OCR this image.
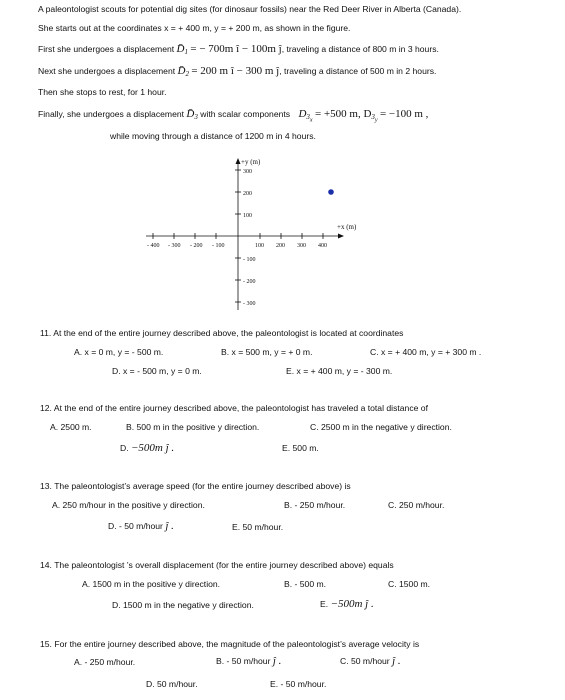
A paleontologist scouts for potential dig sites (for dinosaur fossils) near the Red Deer River in Alberta (Canada).
She starts out at the coordinates x = + 400 m, y = + 200 m, as shown in the figure.
First she undergoes a displacement D̄1 = − 700m î − 100m ĵ, traveling a distance of 800 m in 3 hours.
Next she undergoes a displacement D̄2 = 200 m î − 300 m ĵ, traveling a distance of 500 m in 2 hours.
Then she stops to rest, for 1 hour.
Finally, she undergoes a displacement D̄3 with scalar components $D3_x = +500$ m, $D_{3_y} = -100$ m ,
while moving through a distance of 1200 m in 4 hours.
+y (m)
+x (m)
- 400 - 300 - 200 - 100	100 200 300 400
300
200
100
- 100
- 200
- 300
11. At the end of the entire journey described above, the paleontologist is located at coordinates
A. x = 0 m, y = - 500 m.	B. x = 500 m, y = + 0 m.	C. x = + 400 m, y = + 300 m .
D. x = - 500 m, y = 0 m.	E. x = + 400 m, y = - 300 m.
12. At the end of the entire journey described above, the paleontologist has traveled a total distance of
A. 2500 m.	B. 500 m in the positive y direction.	C. 2500 m in the negative y direction.
D. −500m ĵ .	E. 500 m.
13. The paleontologist’s average speed (for the entire journey described above) is
A. 250 m/hour in the positive y direction.	B. - 250 m/hour.	C. 250 m/hour.
D. - 50 m/hour ĵ .	E. 50 m/hour.
14. The paleontologist ’s overall displacement (for the entire journey described above) equals
A. 1500 m in the positive y direction.	B. - 500 m.	C. 1500 m.
D. 1500 m in the negative y direction.	E. −500m ĵ .
15. For the entire journey described above, the magnitude of the paleontologist’s average velocity is
A. - 250 m/hour.	B. - 50 m/hour ĵ .	C. 50 m/hour ĵ .
D. 50 m/hour.	E. - 50 m/hour.
